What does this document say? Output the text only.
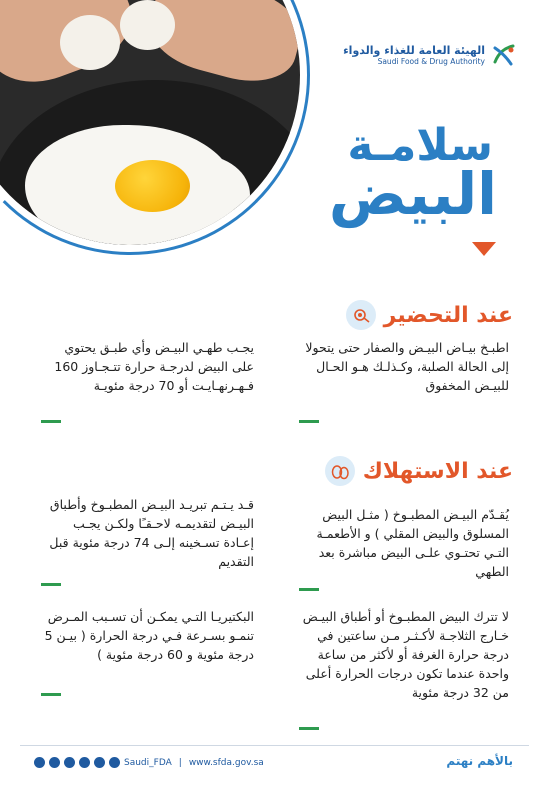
الهيئة العامة للغذاء والدواء
Saudi Food & Drug Authority
سلامـة
البيض
عند التحضير
اطبـخ بيـاض البيـض والصفار حتى يتحولا إلى الحالة الصلبة، وكـذلـك هـو الحـال للبيـض المخفوق
يجـب طهـي البيـض وأي طبـق يحتوي على البيض لدرجـة حرارة تتـجـاوز 160 فـهـرنهـايـت أو 70 درجة مئويـة
عند الاستهلاك
يُقـدّم البيـض المطبـوخ ( مثـل البيض المسلوق والبيض المقلي ) و الأطعمـة التـي تحتـوي علـى البيض مباشرة بعد الطهي
قـد يـتـم تبريـد البيـض المطبـوخ وأطباق البيـض لتقديمـه لاحـقـًا ولكـن يجـب إعـادة تسـخينه إلـى 74 درجة مئوية قبل التقديم
لا تترك البيض المطبـوخ أو أطباق البيـض خـارج الثلاجـة لأكـثـر مـن ساعتين في درجة حرارة الغرفة أو لأكثر من ساعة واحدة عندما تكون درجات الحرارة أعلى من 32 درجة مئوية
البكتيريـا التـي يمكـن أن تسـبب المـرض تنمـو بسـرعة فـي درجة الحرارة ( بيـن 5 درجة مئوية و 60 درجة مئوية )
Saudi_FDA | www.sfda.gov.sa	بالأهم نهتم
